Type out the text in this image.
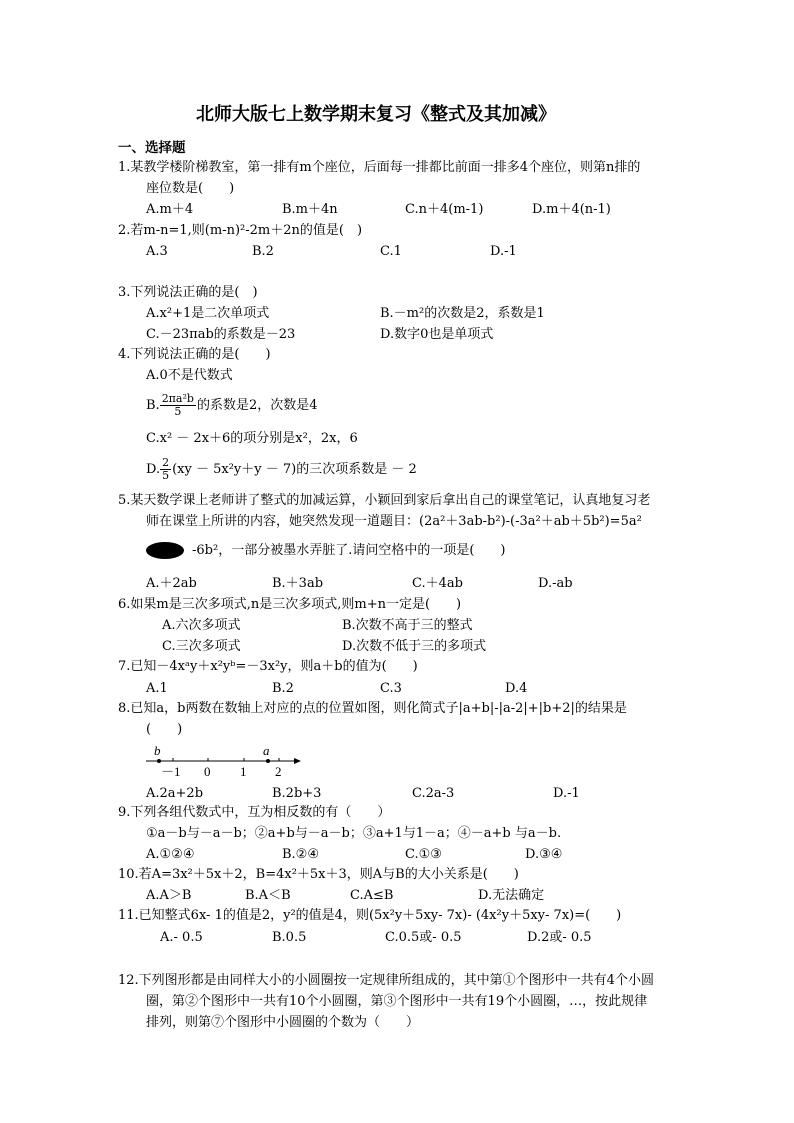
北师大版七上数学期末复习《整式及其加减》
一、选择题
1.某教学楼阶梯教室，第一排有m个座位，后面每一排都比前面一排多4个座位，则第n排的
座位数是(　　)
A.m＋4	B.m＋4n	C.n＋4(m-1)	D.m＋4(n-1)
2.若m-n=1,则(m-n)²-2m＋2n的值是(　)
A.3	B.2	C.1	D.-1
3.下列说法正确的是(　)
A.x²+1是二次单项式	B.－m²的次数是2，系数是1
C.－23πab的系数是－23	D.数字0也是单项式
4.下列说法正确的是(　　)
A.0不是代数式
B. $\frac{\text{2πa²b}}{5}$ 的系数是2，次数是4
C.x² － 2x＋6的项分别是x²，2x，6
D. $\frac{2}{5} (xy - 5x^2y+y - 7)$的三次项系数是 － 2
5.某天数学课上老师讲了整式的加减运算，小颖回到家后拿出自己的课堂笔记，认真地复习老
师在课堂上所讲的内容，她突然发现一道题目：(2a²＋3ab-b²)-(-3a²＋ab＋5b²)=5a²
-6b²，一部分被墨水弄脏了.请问空格中的一项是(　　)
A.＋2ab	B.＋3ab	C.＋4ab	D.-ab
6.如果m是三次多项式,n是三次多项式,则m+n一定是(　　)
A.六次多项式	B.次数不高于三的整式
C.三次多项式	D.次数不低于三的多项式
7.已知－4xᵃy＋x²yᵇ=－3x²y，则a＋b的值为(　　)
A.1	B.2	C.3	D.4
8.已知a，b两数在数轴上对应的点的位置如图，则化简式子|a+b|-|a-2|+|b+2|的结果是
(　　)
b	a
－1 0 1 2
A.2a+2b	B.2b+3	C.2a-3	D.-1
9.下列各组代数式中，互为相反数的有（　　）
①a－b与－a－b；②a+b与－a－b；③a+1与1－a；④－a+b 与a－b.
A.①②④	B.②④	C.①③	D.③④
10.若A=3x²＋5x＋2，B=4x²＋5x＋3，则A与B的大小关系是(　　)
A.A＞B	B.A＜B	C.A≤B	D.无法确定
11.已知整式6x- 1的值是2，y²的值是4，则(5x²y＋5xy- 7x)- (4x²y＋5xy- 7x)=(　　)
A.- 0.5	B.0.5	C.0.5或- 0.5	D.2或- 0.5
12.下列图形都是由同样大小的小圆圈按一定规律所组成的，其中第①个图形中一共有4个小圆
圈，第②个图形中一共有10个小圆圈，第③个图形中一共有19个小圆圈，…，按此规律
排列，则第⑦个图形中小圆圈的个数为（　　）
